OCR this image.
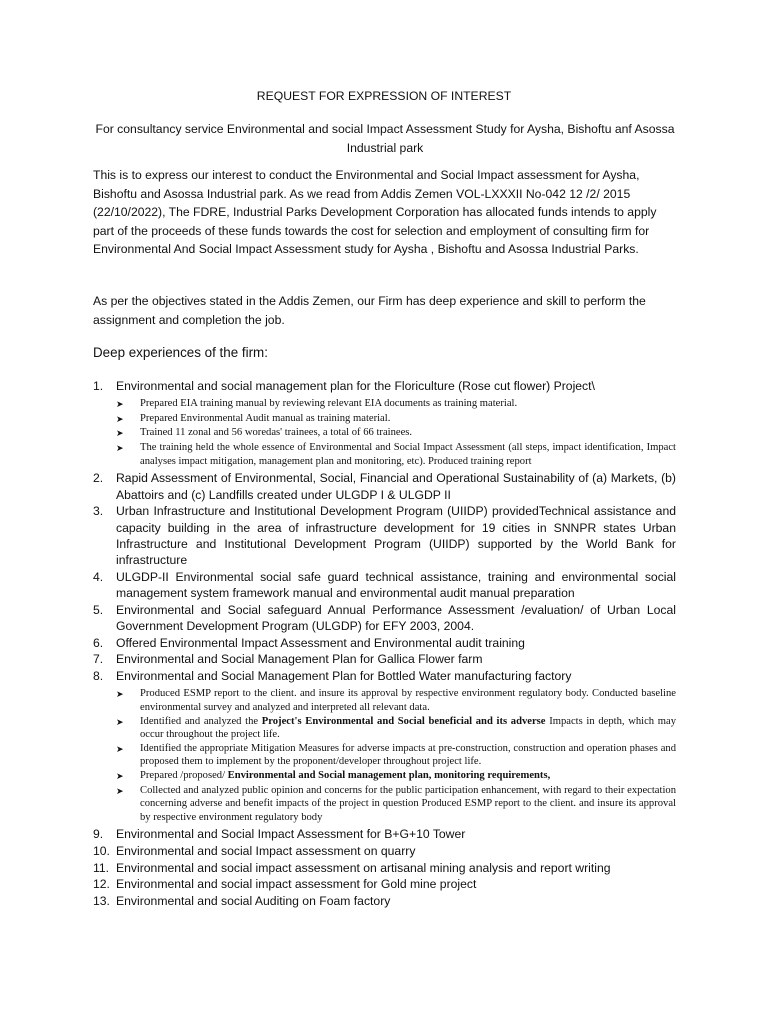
REQUEST FOR EXPRESSION OF INTEREST
For consultancy service Environmental and social Impact Assessment Study for Aysha, Bishoftu anf Asossa Industrial park
This is to express our interest to conduct the Environmental and Social Impact assessment for Aysha, Bishoftu and Asossa Industrial park. As we read from Addis Zemen VOL-LXXXII No-042 12 /2/ 2015 (22/10/2022), The FDRE, Industrial Parks Development Corporation has allocated funds intends to apply part of the proceeds of these funds towards the cost for selection and employment of consulting firm for Environmental And Social Impact Assessment study for Aysha , Bishoftu and Asossa Industrial Parks.
As per the objectives stated in the Addis Zemen, our Firm has deep experience and skill to perform the assignment and completion the job.
Deep experiences of the firm:
1.	Environmental and social management plan for the Floriculture (Rose cut flower) Project\
➤	Prepared EIA training manual by reviewing relevant EIA documents as training material.
➤	Prepared Environmental Audit manual as training material.
➤	Trained 11 zonal and 56 woredas' trainees, a total of 66 trainees.
➤	The training held the whole essence of Environmental and Social Impact Assessment (all steps, impact identification, Impact analyses impact mitigation, management plan and monitoring, etc). Produced training report
2.	Rapid Assessment of Environmental, Social, Financial and Operational Sustainability of (a) Markets, (b) Abattoirs and (c) Landfills created under ULGDP I & ULGDP II
3.	Urban Infrastructure and Institutional Development Program (UIIDP) providedTechnical assistance and capacity building in the area of infrastructure development for 19 cities in SNNPR states Urban Infrastructure and Institutional Development Program (UIIDP) supported by the World Bank for infrastructure
4.	ULGDP-II Environmental social safe guard technical assistance, training and environmental social management system framework manual and environmental audit manual preparation
5.	Environmental and Social safeguard Annual Performance Assessment /evaluation/ of Urban Local Government Development Program (ULGDP) for EFY 2003, 2004.
6.	Offered Environmental Impact Assessment and Environmental audit training
7.	Environmental and Social Management Plan for Gallica Flower farm
8.	Environmental and Social Management Plan for Bottled Water manufacturing factory
➤	Produced ESMP report to the client. and insure its approval by respective environment regulatory body. Conducted baseline environmental survey and analyzed and interpreted all relevant data.
➤	Identified and analyzed the Project's Environmental and Social beneficial and its adverse Impacts in depth, which may occur throughout the project life.
➤	Identified the appropriate Mitigation Measures for adverse impacts at pre-construction, construction and operation phases and proposed them to implement by the proponent/developer throughout project life.
➤	Prepared /proposed/ Environmental and Social management plan, monitoring requirements,
➤	Collected and analyzed public opinion and concerns for the public participation enhancement, with regard to their expectation concerning adverse and benefit impacts of the project in question Produced ESMP report to the client. and insure its approval by respective environment regulatory body
9.	Environmental and Social Impact Assessment for B+G+10 Tower
10. Environmental and social Impact assessment on quarry
11. Environmental and social impact assessment on artisanal mining analysis and report writing
12. Environmental and social impact assessment for Gold mine project
13. Environmental and social Auditing on Foam factory
